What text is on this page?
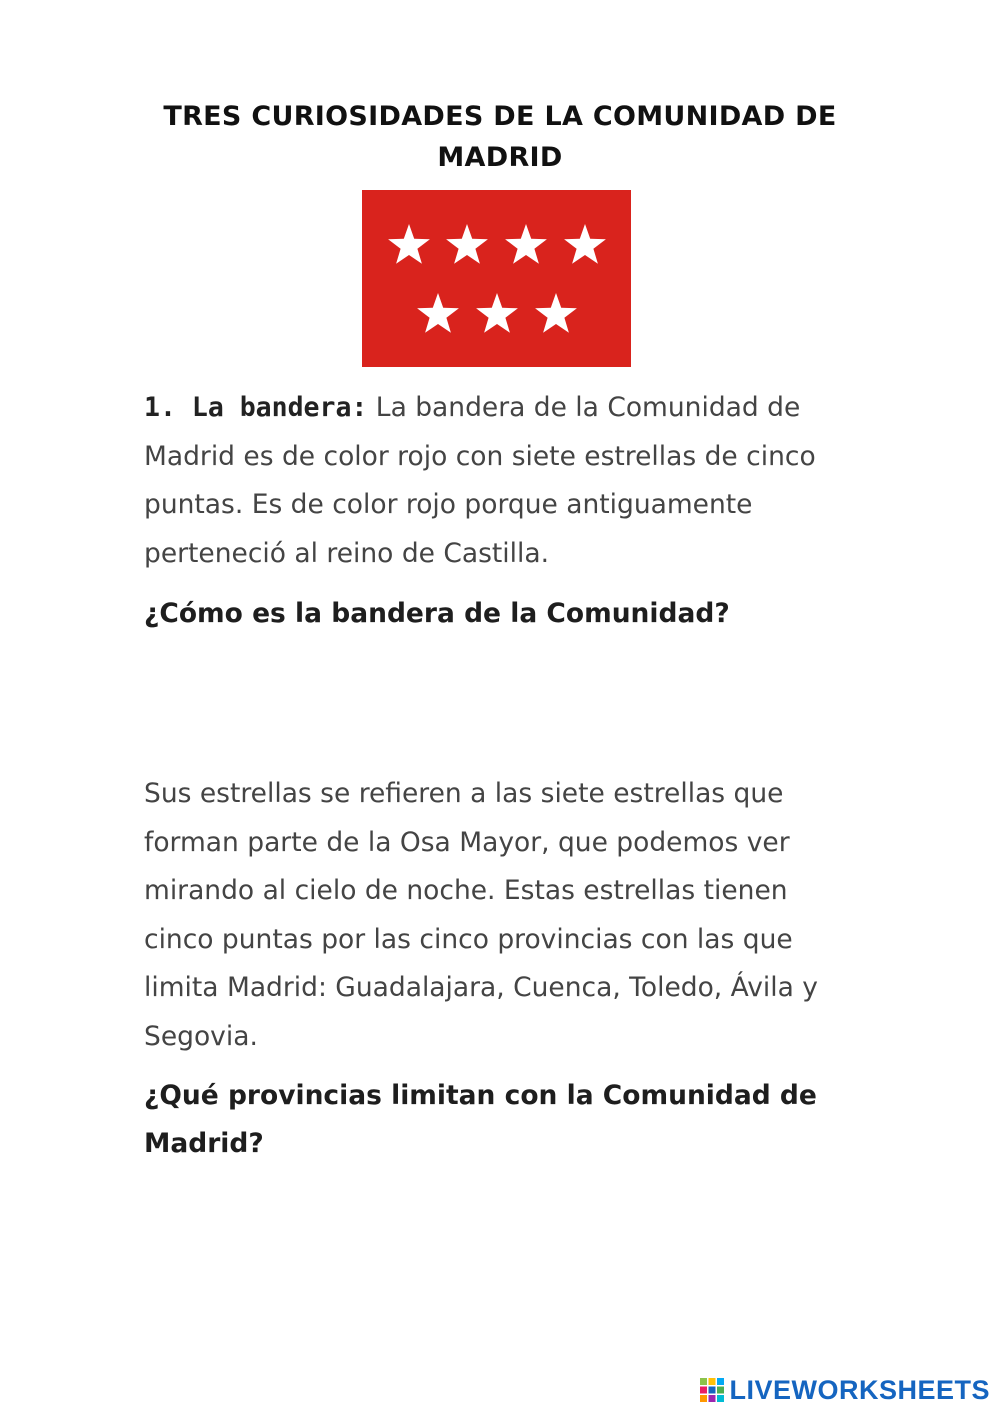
TRES CURIOSIDADES DE LA COMUNIDAD DE MADRID

1. La bandera: La bandera de la Comunidad de Madrid es de color rojo con siete estrellas de cinco puntas. Es de color rojo porque antiguamente perteneció al reino de Castilla.

¿Cómo es la bandera de la Comunidad?

Sus estrellas se refieren a las siete estrellas que forman parte de la Osa Mayor, que podemos ver mirando al cielo de noche. Estas estrellas tienen cinco puntas por las cinco provincias con las que limita Madrid: Guadalajara, Cuenca, Toledo, Ávila y Segovia.

¿Qué provincias limitan con la Comunidad de Madrid?

LIVEWORKSHEETS
